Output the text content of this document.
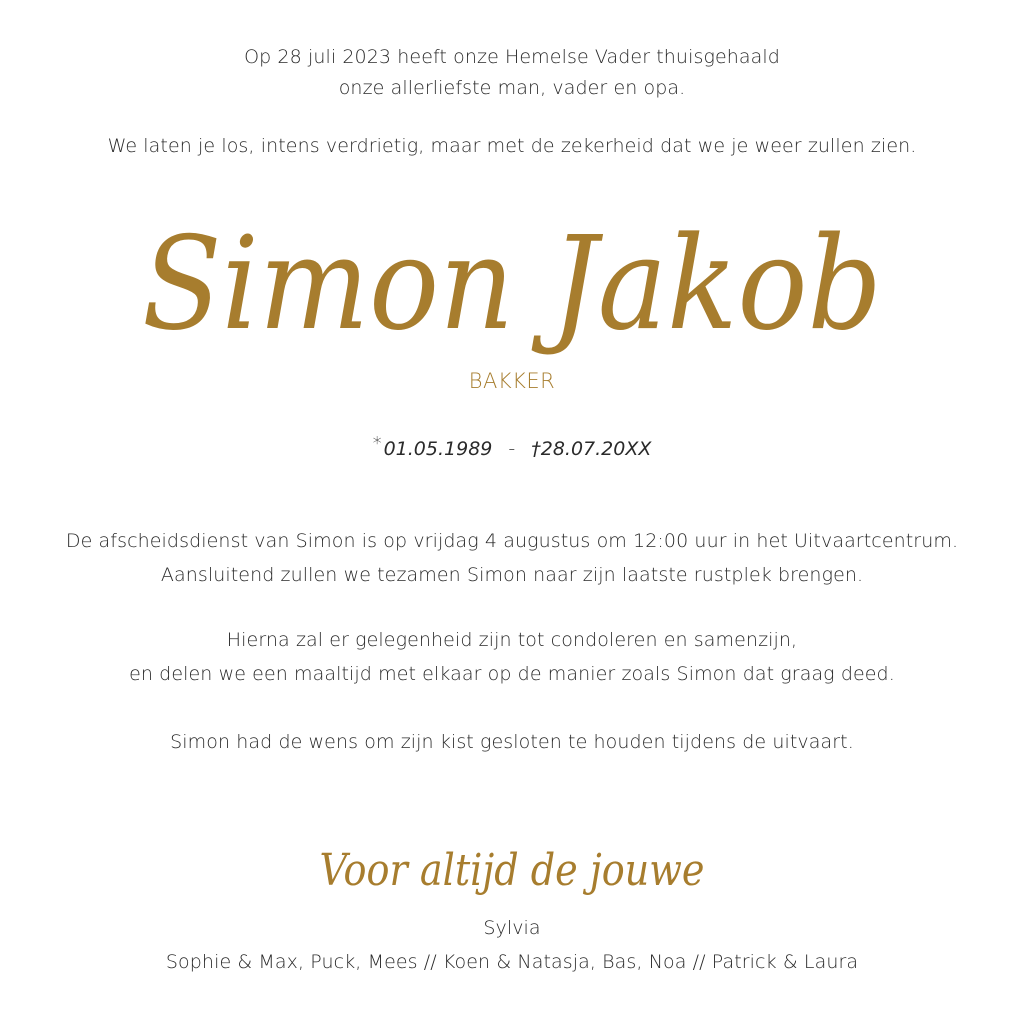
Op 28 juli 2023 heeft onze Hemelse Vader thuisgehaald
onze allerliefste man, vader en opa.
We laten je los, intens verdrietig, maar met de zekerheid dat we je weer zullen zien.
Simon Jakob
BAKKER
* 01.05.1989 - †28.07.20XX
De afscheidsdienst van Simon is op vrijdag 4 augustus om 12:00 uur in het Uitvaartcentrum.
Aansluitend zullen we tezamen Simon naar zijn laatste rustplek brengen.
Hierna zal er gelegenheid zijn tot condoleren en samenzijn,
en delen we een maaltijd met elkaar op de manier zoals Simon dat graag deed.
Simon had de wens om zijn kist gesloten te houden tijdens de uitvaart.
Voor altijd de jouwe
Sylvia
Sophie & Max, Puck, Mees // Koen & Natasja, Bas, Noa // Patrick & Laura
